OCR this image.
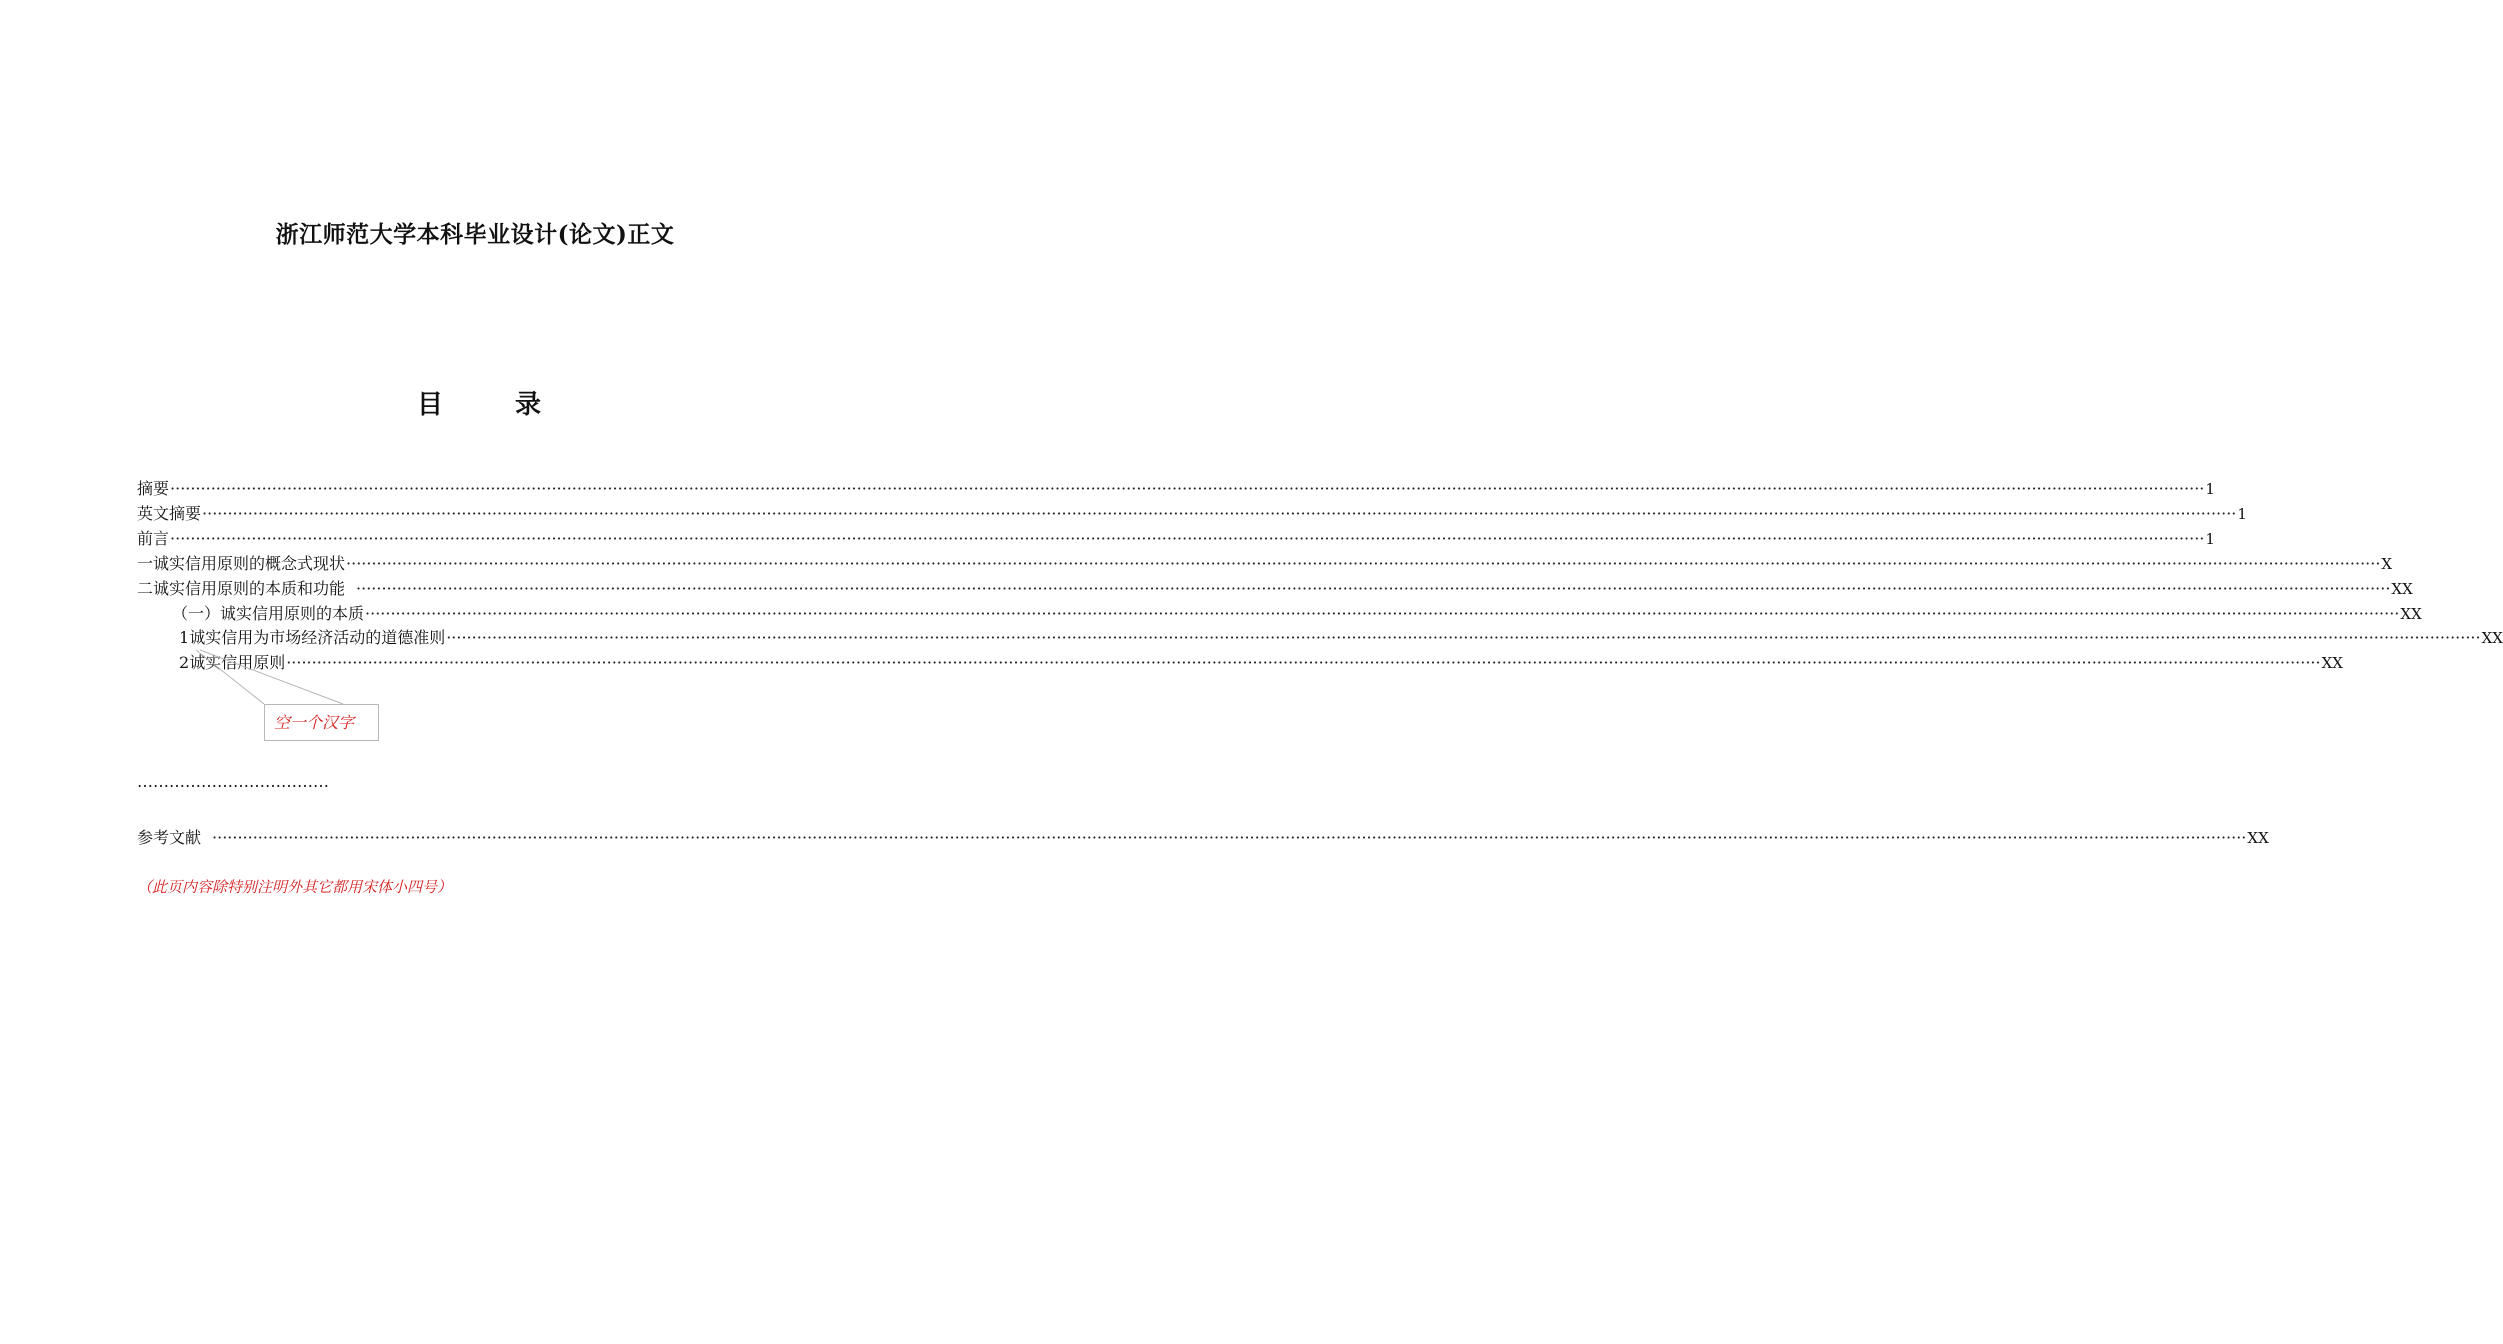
浙江师范大学本科毕业设计(论文)正文
目	录
摘要 ················································································································································································································································································································································································································ 1
英文摘要 ················································································································································································································································································································································································································ 1
前言 ················································································································································································································································································································································································································ 1
一 诚实信用原则的概念式现状 ················································································································································································································································································································································································································ X
二 诚实信用原则的本质和功能 ················································································································································································································································································································································································································ XX
（一）诚实信用原则的本质 ················································································································································································································································································································································································································ XX
1 诚实信用为市场经济活动的道德准则 ················································································································································································································································································································································································································ XX
2 诚实信用原则 ················································································································································································································································································································································································································ XX
空一个汉字
………………………………
参考文献 ················································································································································································································································································································································································································ XX
（此页内容除特别注明外其它都用宋体小四号）
